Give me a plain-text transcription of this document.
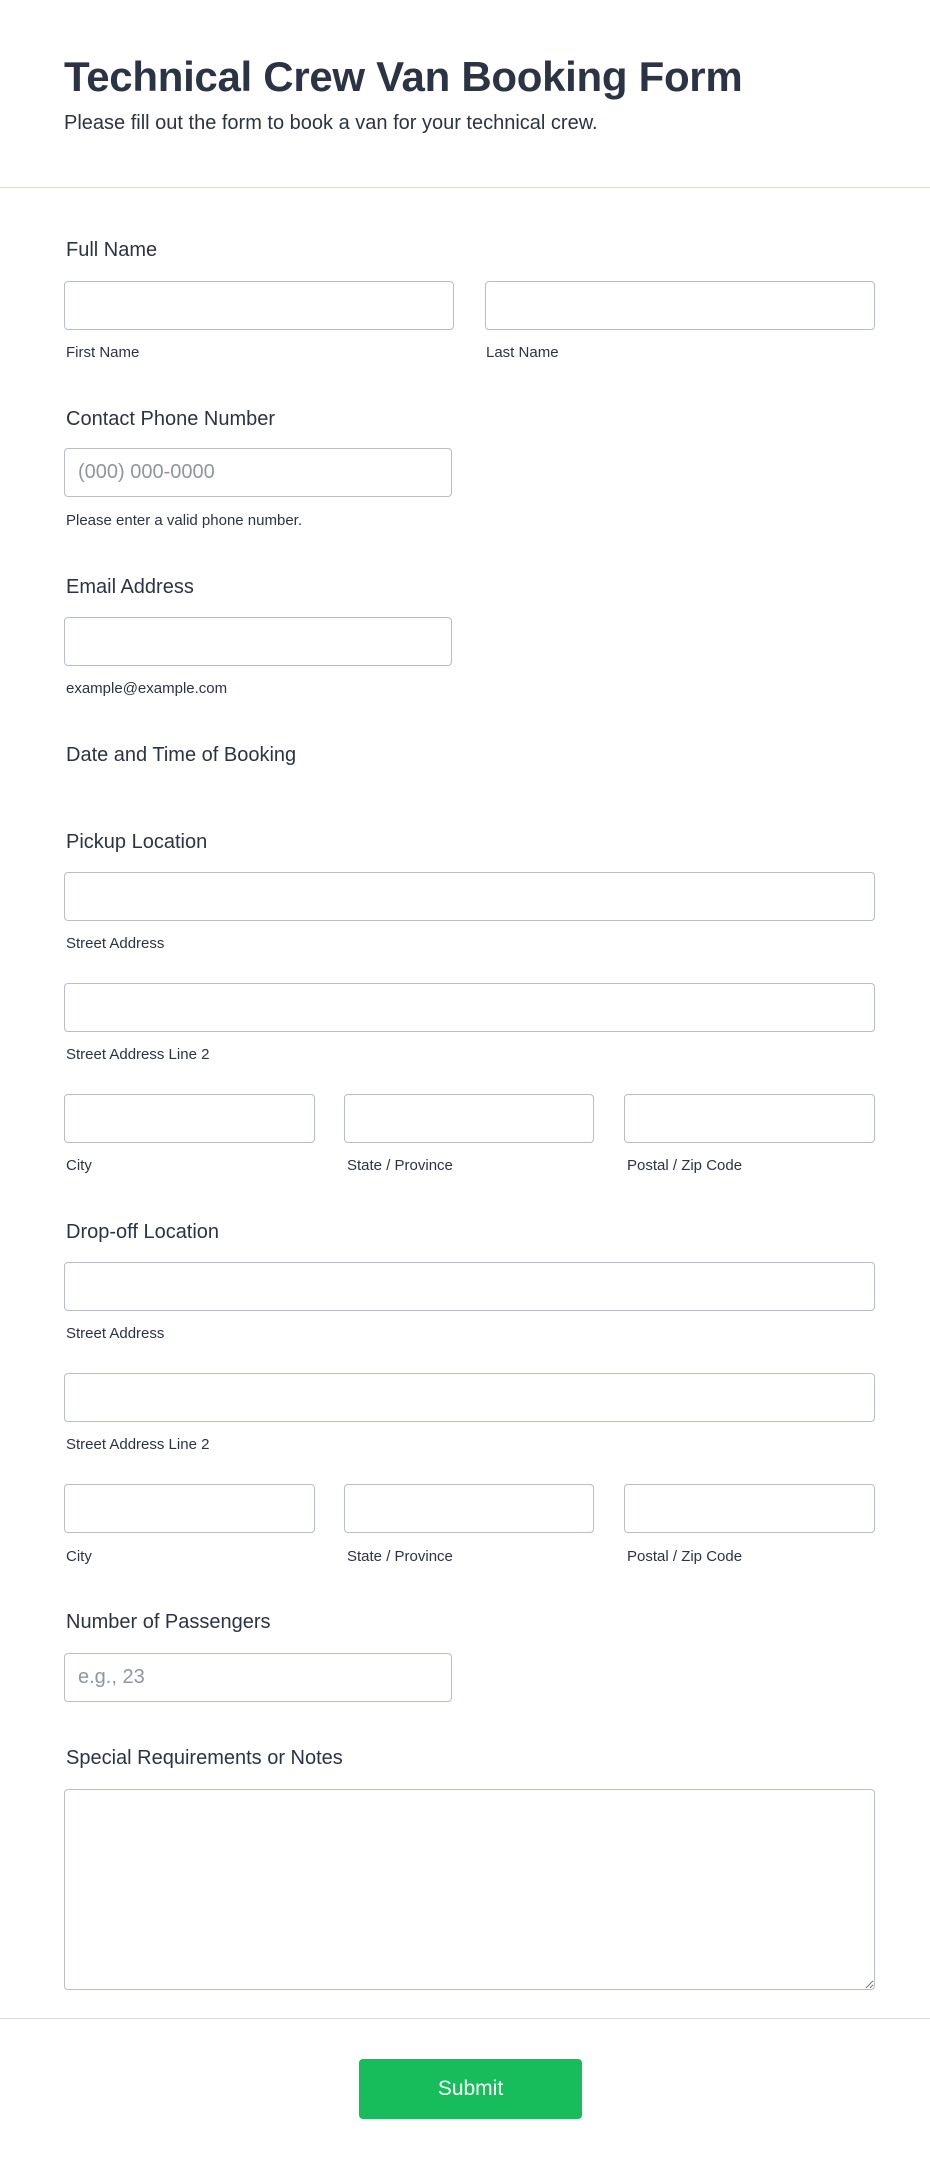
Technical Crew Van Booking Form
Please fill out the form to book a van for your technical crew.
Full Name
First Name	Last Name
Contact Phone Number
(000) 000-0000
Please enter a valid phone number.
Email Address
example@example.com
Date and Time of Booking
Pickup Location
Street Address
Street Address Line 2
City	State / Province	Postal / Zip Code
Drop-off Location
Street Address
Street Address Line 2
City	State / Province	Postal / Zip Code
Number of Passengers
e.g., 23
Special Requirements or Notes
Submit
